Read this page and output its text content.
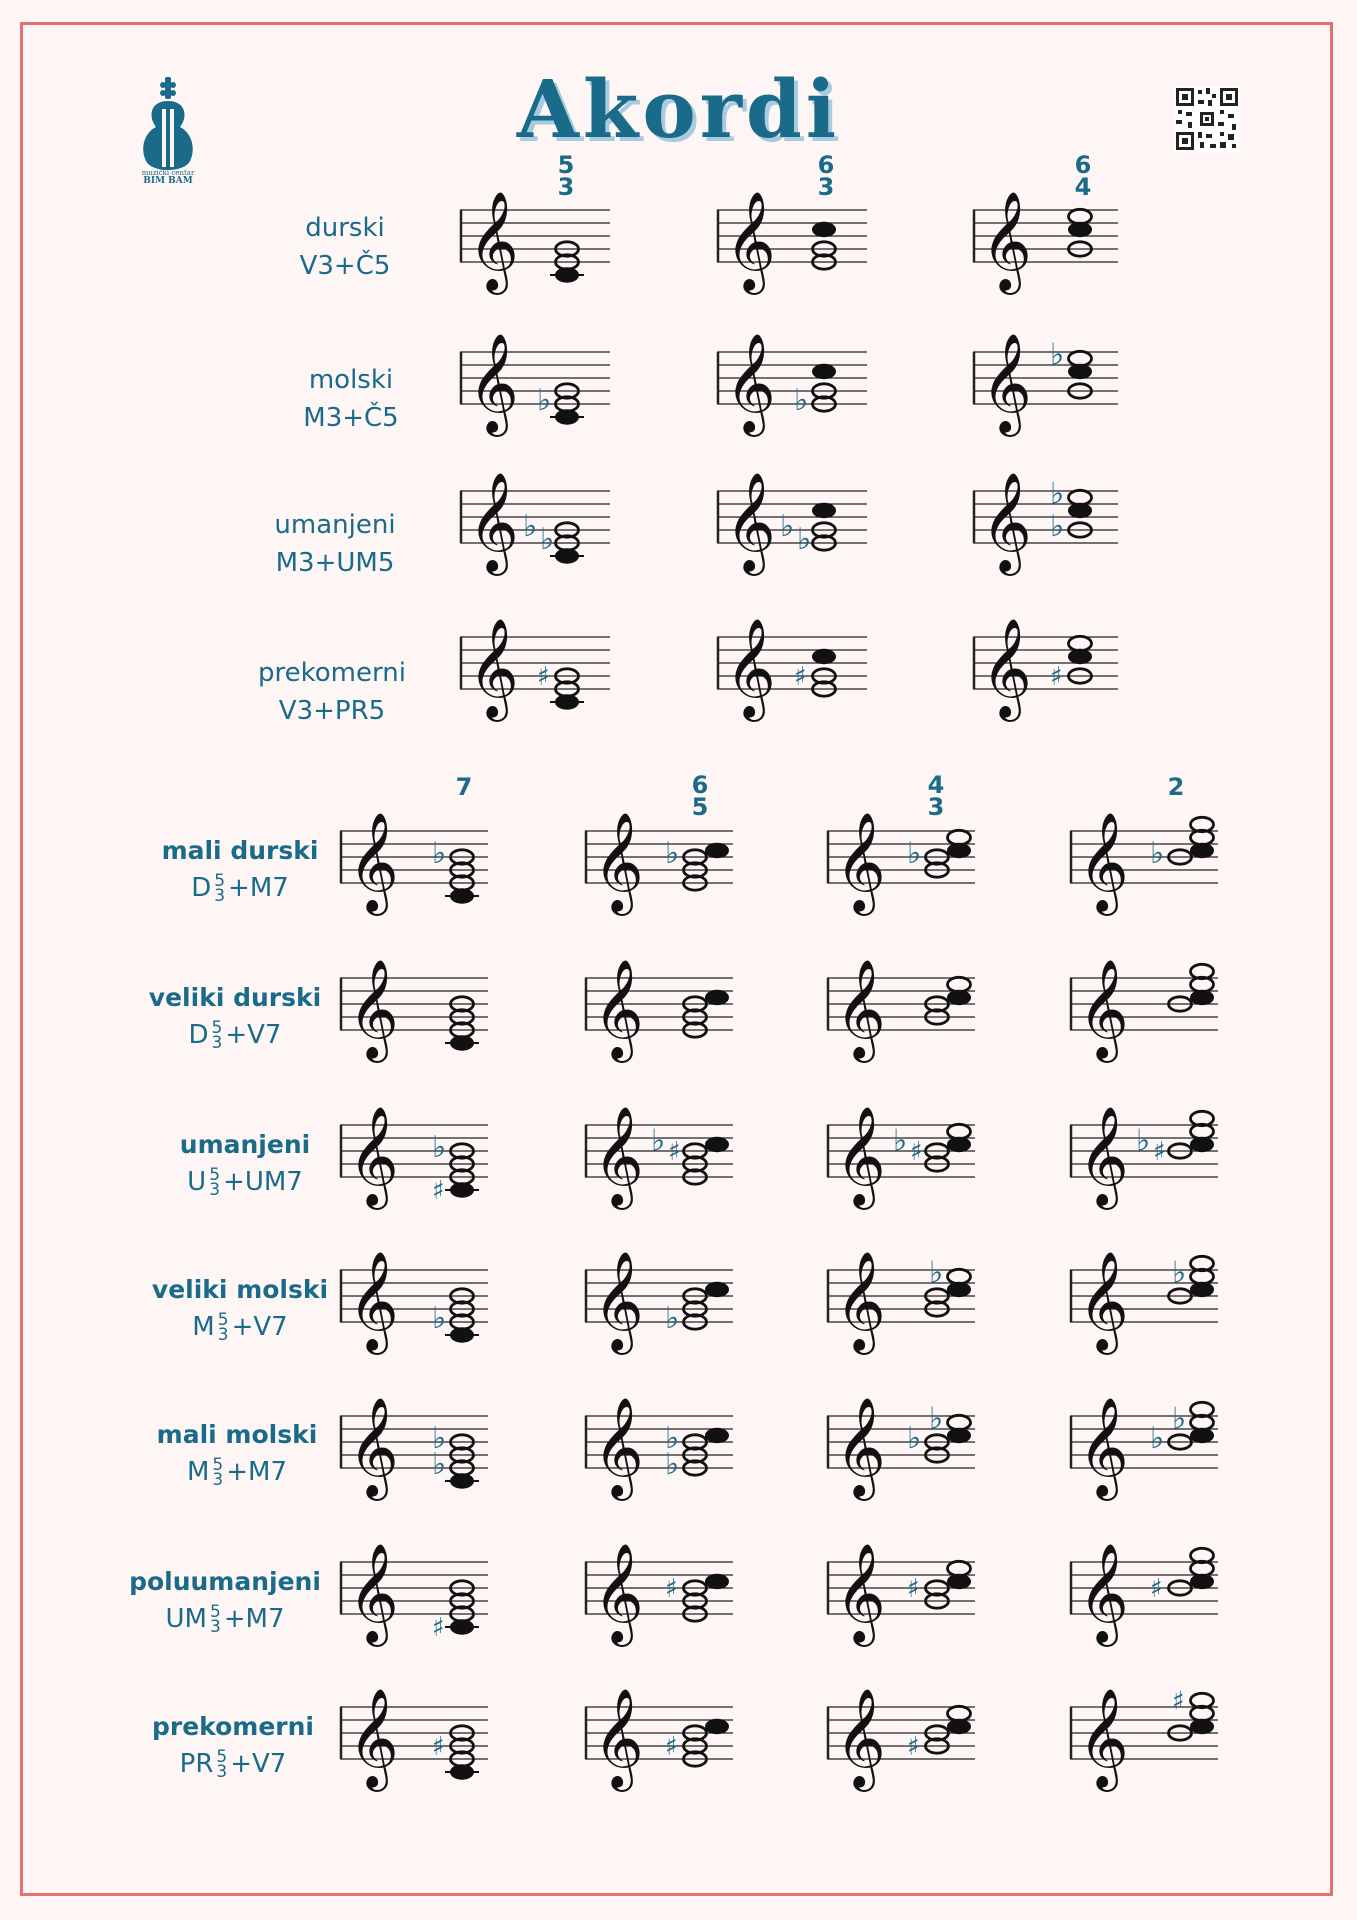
muzički centar
BIM BAM
Akordi
5
3
6
3
6
4
durski
V3+Č5
molski
M3+Č5
umanjeni
M3+UM5
prekomerni
V3+PR5
7	6
5
4
3
2
mali durski
D 5
3 +M7
veliki durski
D 5
3 +V7
umanjeni
U 5
3 +UM7
veliki molski
M 5
3 +V7
mali molski
M 5
3 +M7
poluumanjeni
UM 5
3 +M7
prekomerni
PR 5
3 +V7
𝄞 𝄞 𝄞
𝄞 ♭ 𝄞 ♭ 𝄞 ♭
𝄞 ♭
♭ 𝄞 ♭
♭ 𝄞 ♭
♭
𝄞 ♯ 𝄞 ♯ 𝄞 ♯
𝄞 ♭ 𝄞 ♭ 𝄞 ♭ 𝄞 ♭
𝄞 𝄞 𝄞 𝄞
𝄞 ♯
♭ 𝄞 ♯
♭ 𝄞 ♯
♭ 𝄞 ♯
♭
𝄞 ♭ 𝄞 ♭ 𝄞 ♭ 𝄞 ♭
𝄞 ♭
♭ 𝄞 ♭
♭ 𝄞 ♭
♭ 𝄞 ♭
♭
𝄞 ♯ 𝄞 ♯ 𝄞 ♯ 𝄞 ♯
𝄞 ♯ 𝄞 ♯ 𝄞 ♯ 𝄞 ♯
